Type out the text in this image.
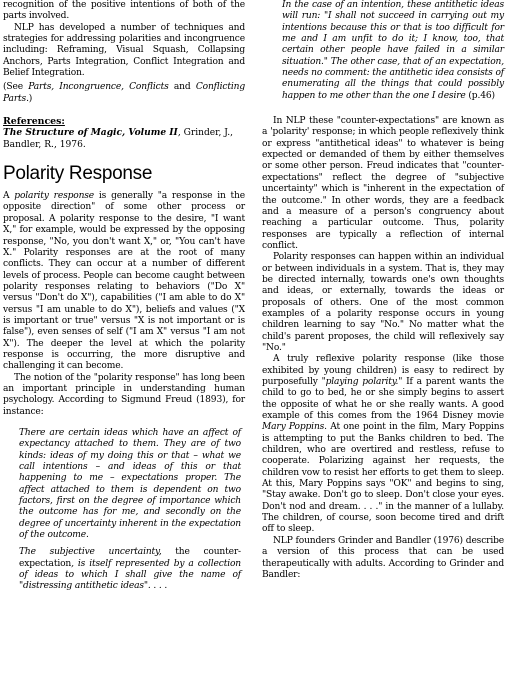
recognition of the positive intentions of both of the parts involved.

NLP has developed a number of techniques and strategies for addressing polarities and incongruence including: Reframing, Visual Squash, Collapsing Anchors, Parts Integration, Conflict Integration and Belief Integration.

(See Parts, Incongruence, Conflicts and Conflicting Parts.)

References:

The Structure of Magic, Volume II, Grinder, J., Bandler, R., 1976.

Polarity Response

A polarity response is generally "a response in the opposite direction" of some other process or proposal. A polarity response to the desire, "I want X," for example, would be expressed by the opposing response, "No, you don't want X," or, "You can't have X." Polarity responses are at the root of many conflicts. They can occur at a number of different levels of process. People can become caught between polarity responses relating to behaviors ("Do X" versus "Don't do X"), capabilities ("I am able to do X" versus "I am unable to do X"), beliefs and values ("X is important or true" versus "X is not important or is false"), even senses of self ("I am X" versus "I am not X"). The deeper the level at which the polarity response is occurring, the more disruptive and challenging it can become.

The notion of the "polarity response" has long been an important principle in understanding human psychology. According to Sigmund Freud (1893), for instance:

There are certain ideas which have an affect of expectancy attached to them. They are of two kinds: ideas of my doing this or that – what we call intentions – and ideas of this or that happening to me – expectations proper. The affect attached to them is dependent on two factors, first on the degree of importance which the outcome has for me, and secondly on the degree of uncertainty inherent in the expectation of the outcome.

The subjective uncertainty, the counter-expectation, is itself represented by a collection of ideas to which I shall give the name of "distressing antithetic ideas". . . .

In the case of an intention, these antithetic ideas will run: "I shall not succeed in carrying out my intentions because this or that is too difficult for me and I am unfit to do it; I know, too, that certain other people have failed in a similar situation." The other case, that of an expectation, needs no comment: the antithetic idea consists of enumerating all the things that could possibly happen to me other than the one I desire (p.46)

In NLP these "counter-expectations" are known as a 'polarity' response; in which people reflexively think or express "antithetical ideas" to whatever is being expected or demanded of them by either themselves or some other person. Freud indicates that "counter-expectations" reflect the degree of "subjective uncertainty" which is "inherent in the expectation of the outcome." In other words, they are a feedback and a measure of a person's congruency about reaching a particular outcome. Thus, polarity responses are typically a reflection of internal conflict.

Polarity responses can happen within an individual or between individuals in a system. That is, they may be directed internally, towards one's own thoughts and ideas, or externally, towards the ideas or proposals of others. One of the most common examples of a polarity response occurs in young children learning to say "No." No matter what the child's parent proposes, the child will reflexively say "No."

A truly reflexive polarity response (like those exhibited by young children) is easy to redirect by purposefully "playing polarity." If a parent wants the child to go to bed, he or she simply begins to assert the opposite of what he or she really wants. A good example of this comes from the 1964 Disney movie Mary Poppins. At one point in the film, Mary Poppins is attempting to put the Banks children to bed. The children, who are overtired and restless, refuse to cooperate. Polarizing against her requests, the children vow to resist her efforts to get them to sleep. At this, Mary Poppins says "OK" and begins to sing, "Stay awake. Don't go to sleep. Don't close your eyes. Don't nod and dream. . . ." in the manner of a lullaby. The children, of course, soon become tired and drift off to sleep.

NLP founders Grinder and Bandler (1976) describe a version of this process that can be used therapeutically with adults. According to Grinder and Bandler:
